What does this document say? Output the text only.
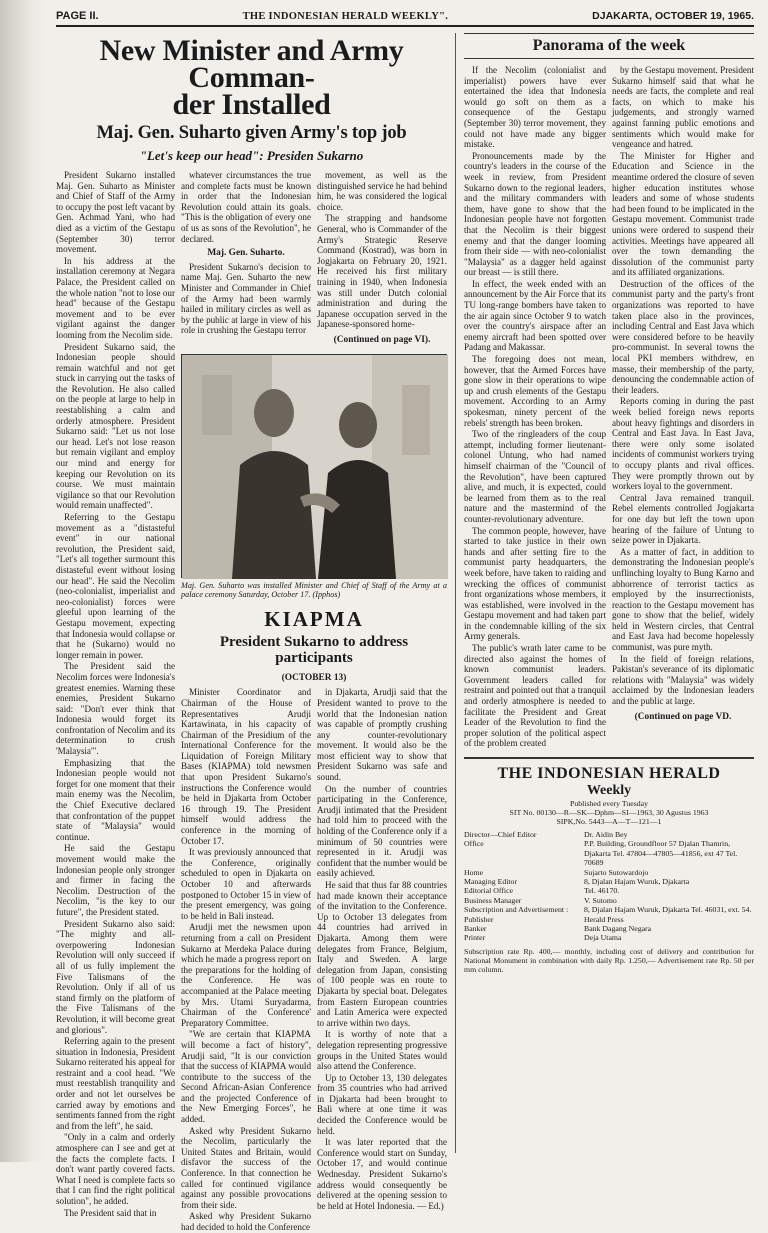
PAGE II.	THE INDONESIAN HERALD WEEKLY".	DJAKARTA, OCTOBER 19, 1965.
New Minister and Army Comman-
der Installed
Maj. Gen. Suharto given Army's top job
"Let's keep our head": Presiden Sukarno

President Sukarno installed Maj. Gen. Suharto as Minister and Chief of Staff of the Army to occupy the post left vacant by Gen. Achmad Yani, who had died as a victim of the Gestapu (September 30) terror movement.

In his address at the installation ceremony at Negara Palace, the President called on the whole nation "not to lose our head" because of the Gestapu movement and to be ever vigilant against the danger looming from the Necolim side.

President Sukarno said, the Indonesian people should remain watchful and not get stuck in carrying out the tasks of the Revolution. He also called on the people at large to help in reestablishing a calm and orderly atmosphere. President Sukarno said: "Let us not lose our head. Let's not lose reason but remain vigilant and employ our mind and energy for keeping our Revolution on its course. We must maintain vigilance so that our Revolution would remain unaffected".

Referring to the Gestapu movement as a "distasteful event" in our national revolution, the President said, "Let's all together surmount this distasteful event without losing our head". He said the Necolim (neo-colonialist, imperialist and neo-colonialist) forces were gleeful upon learning of the Gestapu movement, expecting that Indonesia would collapse or that he (Sukarno) would no longer remain in power.

The President said the Necolim forces were Indonesia's greatest enemies. Warning these enemies, President Sukarno said: "Don't ever think that Indonesia would forget its confrontation of Necolim and its determination to crush 'Malaysia'".

Emphasizing that the Indonesian people would not forget for one moment that their main enemy was the Necolim, the Chief Executive declared that confrontation of the puppet state of "Malaysia" would continue.

He said the Gestapu movement would make the Indonesian people only stronger and firmer in facing the Necolim. Destruction of the Necolim, "is the key to our future", the President stated.

President Sukarno also said: "The mighty and all-overpowering Indonesian Revolution will only succeed if all of us fully implement the Five Talismans of the Revolution. Only if all of us stand firmly on the platform of the Five Talismans of the Revolution, it will become great and glorious".

Referring again to the present situation in Indonesia, President Sukarno reiterated his appeal for restraint and a cool head. "We must reestablish tranquility and order and not let ourselves be carried away by emotions and sentiments fanned from the right and from the left", he said.

"Only in a calm and orderly atmosphere can I see and get at the facts the complete facts. I don't want partly covered facts. What I need is complete facts so that I can find the right political solution", he added.

The President said that in

whatever circumstances the true and complete facts must be known in order that the Indonesian Revolution could attain its goals. "This is the obligation of every one of us as sons of the Revolution", he declared.

Maj. Gen. Suharto.

President Sukarno's decision to name Maj. Gen. Suharto the new Minister and Commander in Chief of the Army had been warmly hailed in military circles as well as by the public at large in view of his role in crushing the Gestapu terror

movement, as well as the distinguished service he had behind him, he was considered the logical choice.

The strapping and handsome General, who is Commander of the Army's Strategic Reserve Command (Kostrad), was born in Jogjakarta on February 20, 1921. He received his first military training in 1940, when Indonesia was still under Dutch colonial administration and during the Japanese occupation served in the Japanese-sponsored home-

(Continued on page VI).
Maj. Gen. Suharto was installed Minister and Chief of Staff of the Army at a palace ceremony Saturday, October 17. (Ipphos)
KIAPMA
President Sukarno to address participants
(OCTOBER 13)

Minister Coordinator and Chairman of the House of Representatives Arudji Kartawinata, in his capacity of Chairman of the Presidium of the International Conference for the Liquidation of Foreign Military Bases (KIAPMA) told newsmen that upon President Sukarno's instructions the Conference would be held in Djakarta from October 16 through 19. The President himself would address the conference in the morning of October 17.

It was previously announced that the Conference, originally scheduled to open in Djakarta on October 10 and afterwards postponed to October 15 in view of the present emergency, was going to be held in Bali instead.

Arudji met the newsmen upon returning from a call on President Sukarno at Merdeka Palace during which he made a progress report on the preparations for the holding of the Conference. He was accompanied at the Palace meeting by Mrs. Utami Suryadarma, Chairman of the Conference' Preparatory Committee.

"We are certain that KIAPMA will become a fact of history", Arudji said, "It is our conviction that the success of KIAPMA would contribute to the success of the Second African-Asian Conference and the projected Conference of the New Emerging Forces", he added.

Asked why President Sukarno the Necolim, particularly the United States and Britain, would disfavor the success of the Conference. In that connection he called for continued vigilance against any possible provocations from their side.

Asked why President Sukarno had decided to hold the Conference

in Djakarta, Arudji said that the President wanted to prove to the world that the Indonesian nation was capable of promptly crushing any counter-revolutionary movement. It would also be the most efficient way to show that President Sukarno was safe and sound.

On the number of countries participating in the Conference, Arudji intimated that the President had told him to proceed with the holding of the Conference only if a minimum of 50 countries were represented in it. Arudji was confident that the number would be easily achieved.

He said that thus far 88 countries had made known their acceptance of the invitation to the Conference. Up to October 13 delegates from 44 countries had arrived in Djakarta. Among them were delegates from France, Belgium, Italy and Sweden. A large delegation from Japan, consisting of 100 people was en route to Djakarta by special boat. Delegates from Eastern European countries and Latin America were expected to arrive within two days.

It is worthy of note that a delegation representing progressive groups in the United States would also attend the Conference.

Up to October 13, 130 delegates from 35 countries who had arrived in Djakarta had been brought to Bali where at one time it was decided the Conference would be held.

It was later reported that the Conference would start on Sunday, October 17, and would continue Wednesday. President Sukarno's address would consequently be delivered at the opening session to be held at Hotel Indonesia. — Ed.)

Panorama of the week

If the Necolim (colonialist and imperialist) powers have ever entertained the idea that Indonesia would go soft on them as a consequence of the Gestapu (September 30) terror movement, they could not have made any bigger mistake.

Pronouncements made by the country's leaders in the course of the week in review, from President Sukarno down to the regional leaders, and the military commanders with them, have gone to show that the Indonesian people have not forgotten that the Necolim is their biggest enemy and that the danger looming from their side — with neo-colonialist "Malaysia" as a dagger held against our breast — is still there.

In effect, the week ended with an announcement by the Air Force that its TU long-range bombers have taken to the air again since October 9 to watch over the country's airspace after an enemy aircraft had been spotted over Padang and Makassar.

The foregoing does not mean, however, that the Armed Forces have gone slow in their operations to wipe up and crush elements of the Gestapu movement. According to an Army spokesman, ninety percent of the rebels' strength has been broken.

Two of the ringleaders of the coup attempt, including former lieutenant-colonel Untung, who had named himself chairman of the "Council of the Revolution", have been captured alive, and much, it is expected, could be learned from them as to the real nature and the mastermind of the counter-revolutionary adventure.

The common people, however, have started to take justice in their own hands and after setting fire to the communist party headquarters, the week before, have taken to raiding and wrecking the offices of communist front organizations whose members, it was established, were involved in the Gestapu movement and had taken part in the condemnable killing of the six Army generals.

The public's wrath later came to be directed also against the homes of known communist leaders. Government leaders called for restraint and pointed out that a tranquil and orderly atmosphere is needed to facilitate the President and Great Leader of the Revolution to find the proper solution of the political aspect of the problem created

by the Gestapu movement. President Sukarno himself said that what he needs are facts, the complete and real facts, on which to make his judgements, and strongly warned against fanning public emotions and sentiments which would make for vengeance and hatred.

The Minister for Higher and Education and Science in the meantime ordered the closure of seven higher education institutes whose leaders and some of whose students had been found to be implicated in the Gestapu movement. Communist trade unions were ordered to suspend their activities. Meetings have appeared all over the town demanding the dissolution of the communist party and its affiliated organizations.

Destruction of the offices of the communist party and the party's front organizations was reported to have taken place also in the provinces, including Central and East Java which were considered before to be heavily pro-communist. In several towns the local PKI members withdrew, en masse, their membership of the party, denouncing the condemnable action of their leaders.

Reports coming in during the past week belied foreign news reports about heavy fightings and disorders in Central and East Java. In East Java, there were only some isolated incidents of communist workers trying to occupy plants and rival offices. They were promptly thrown out by workers loyal to the government.

Central Java remained tranquil. Rebel elements controlled Jogjakarta for one day but left the town upon hearing of the failure of Untung to seize power in Djakarta.

As a matter of fact, in addition to demonstrating the Indonesian people's unflinching loyalty to Bung Karno and abhorrence of terrorist tactics as employed by the insurrectionists, reaction to the Gestapu movement has gone to show that the belief, widely held in Western circles, that Central and East Java had become hopelessly communist, was pure myth.

In the field of foreign relations, Pakistan's severance of its diplomatic relations with "Malaysia" was widely acclaimed by the Indonesian leaders and the public at large.

(Continued on page VD.
THE INDONESIAN HERALD
Weekly
Published every Tuesday
SIT No. 00130—R—SK—Dphm—SI—1963, 30 Agustus 1963
SIPK,No. 5443—A—T—121—1
Director—Chief Editor	Dr. Aidin Bey
Office	P.P. Building, Groundfloor 57 Djalan Thamrin, Djakarta Tel. 47804—47805—41856, ext 47 Tel. 70689
Home	Sujarto Sutowardojo
Managing Editor	8, Djalan Hajam Wuruk, Djakarta
Editorial Office	Tel. 46170.
Business Manager	V. Sutomo
Subscription and Advertisement :	8, Djalan Hajam Wuruk, Djakarta Tel. 46031, ext. 54.
Publisher	Herald Press
Banker	Bank Dagang Negara
Printer	Deja Utama
Subscription rate Rp. 400,— monthly, including cost of delivery and contribution for National Monument in combination with daily Rp. 1.250,— Advertisement rate Rp. 50 per mm column.
